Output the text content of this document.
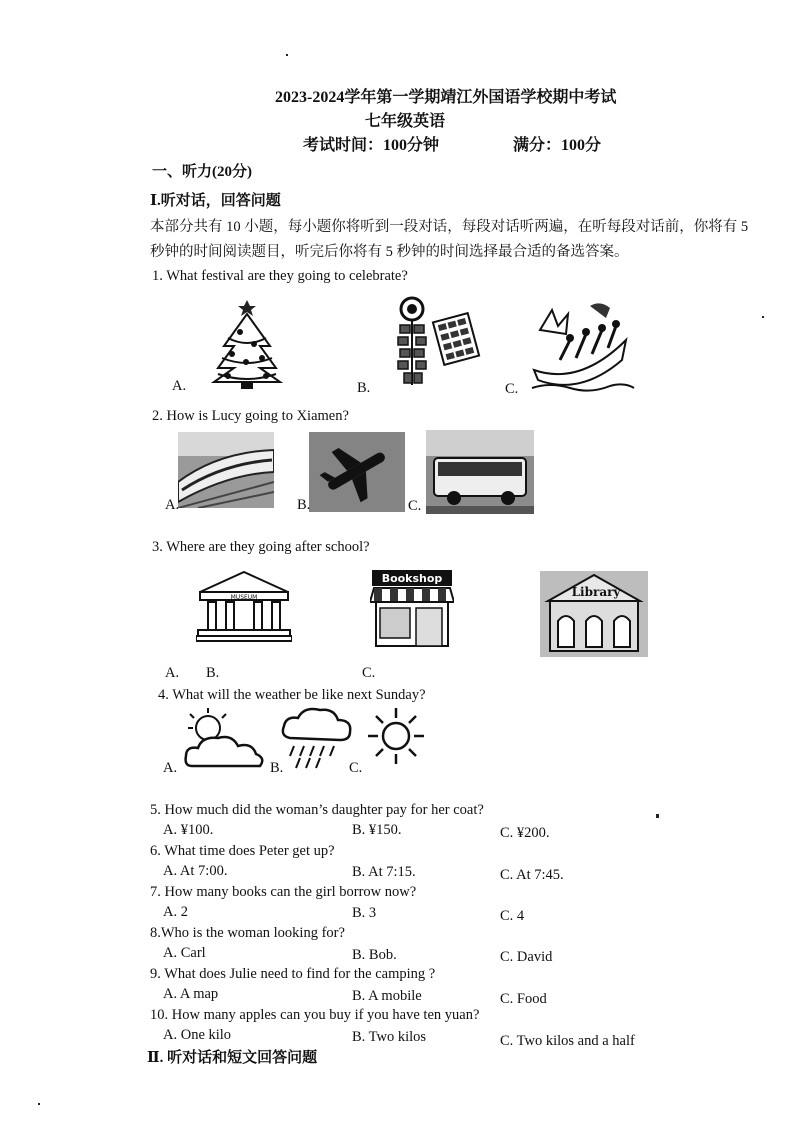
2023-2024学年第一学期靖江外国语学校期中考试
七年级英语
考试时间：100分钟	满分：100分
一、听力(20分)
Ⅰ.听对话，回答问题
本部分共有 10 小题，每小题你将听到一段对话，每段对话听两遍，在听每段对话前，你将有 5
秒钟的时间阅读题目，听完后你将有 5 秒钟的时间选择最合适的备选答案。
1. What festival are they going to celebrate?
A.	B.	C.
2. How is Lucy going to Xiamen?
A.	B.	C.
3. Where are they going after school?
MUSEUM
Bookshop
Library
A. B.	C.
4. What will the weather be like next Sunday?
A.	B.	C.
5. How much did the woman’s daughter pay for her coat?
A. ¥100.	B. ¥150.	C. ¥200.
6. What time does Peter get up?
A. At 7:00.	B. At 7:15.	C. At 7:45.
7. How many books can the girl borrow now?
A. 2	B. 3	C. 4
8.Who is the woman looking for?
A. Carl	B. Bob.	C. David
9. What does Julie need to find for the camping ?
A. A map	B. A mobile	C. Food
10. How many apples can you buy if you have ten yuan?
A. One kilo	B. Two kilos	C. Two kilos and a half
Ⅱ. 听对话和短文回答问题
